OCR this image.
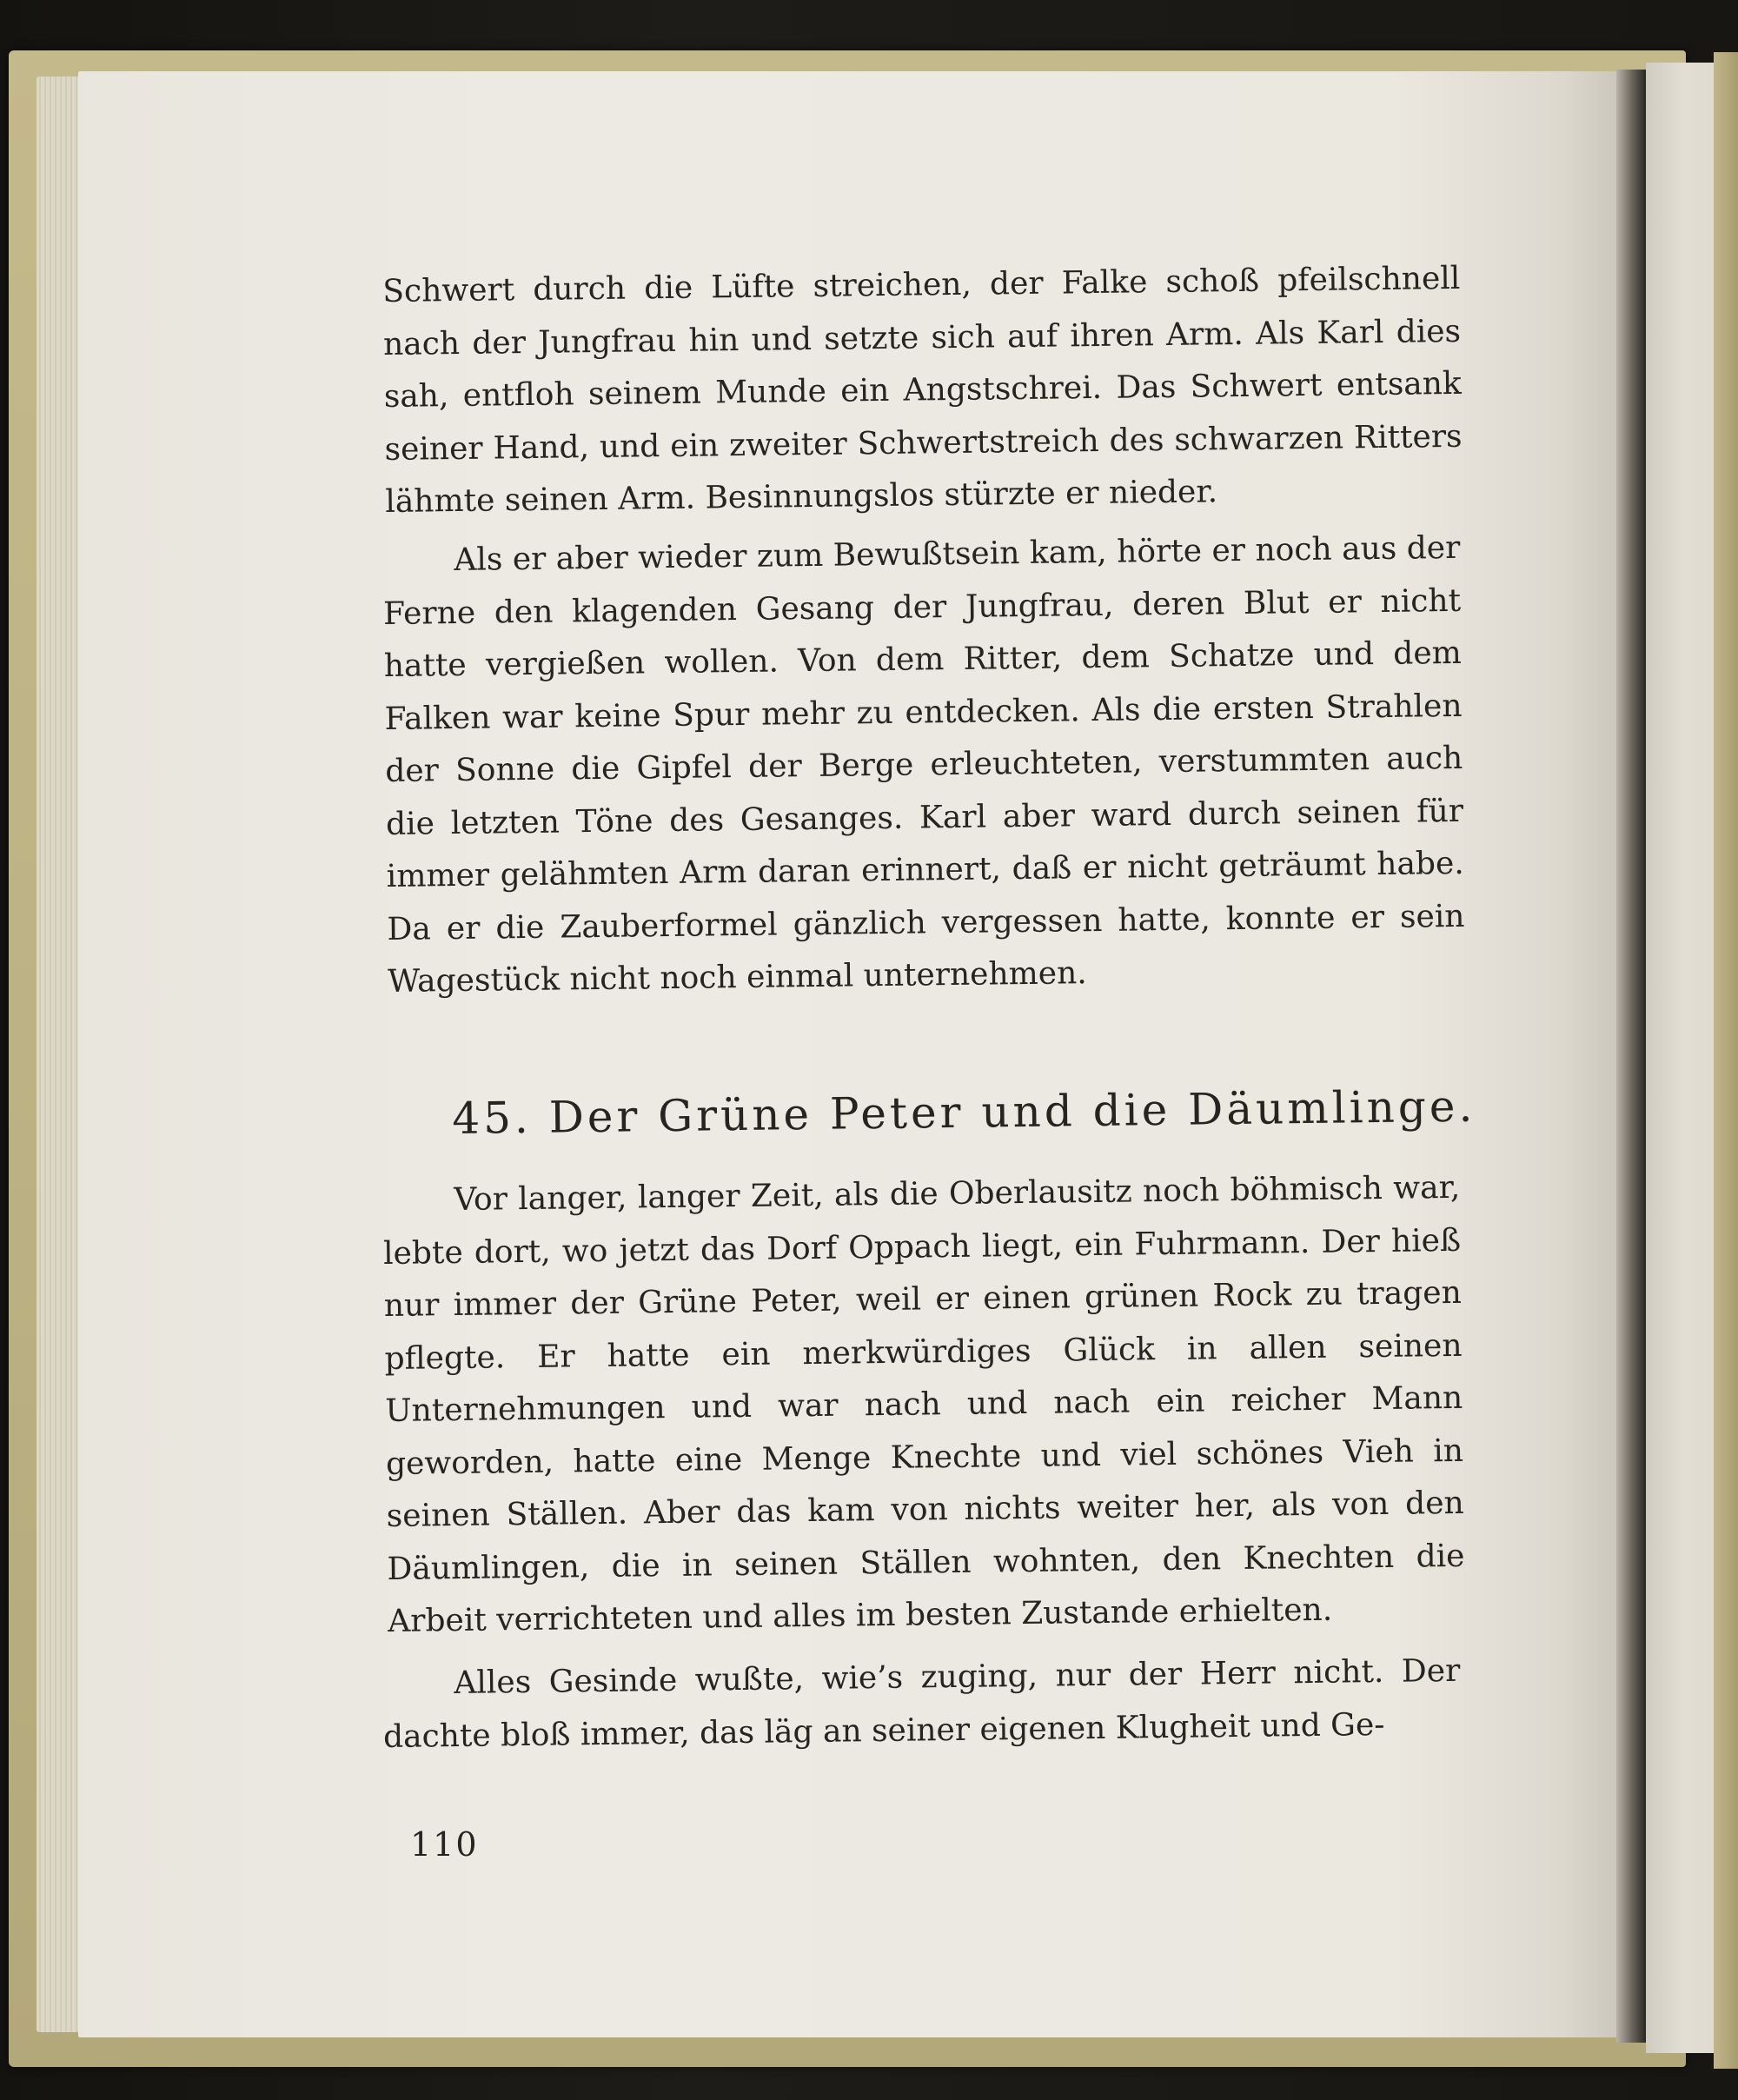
Schwert durch die Lüfte streichen, der Falke schoß pfeilschnell nach der Jungfrau hin und setzte sich auf ihren Arm. Als Karl dies sah, entfloh seinem Munde ein Angstschrei. Das Schwert entsank seiner Hand, und ein zweiter Schwertstreich des schwarzen Ritters lähmte seinen Arm. Besinnungslos stürzte er nieder.

Als er aber wieder zum Bewußtsein kam, hörte er noch aus der Ferne den klagenden Gesang der Jungfrau, deren Blut er nicht hatte vergießen wollen. Von dem Ritter, dem Schatze und dem Falken war keine Spur mehr zu entdecken. Als die ersten Strahlen der Sonne die Gipfel der Berge erleuchteten, verstummten auch die letzten Töne des Gesanges. Karl aber ward durch seinen für immer gelähmten Arm daran erinnert, daß er nicht geträumt habe. Da er die Zauberformel gänzlich vergessen hatte, konnte er sein Wagestück nicht noch einmal unternehmen.

45. Der Grüne Peter und die Däumlinge.

Vor langer, langer Zeit, als die Oberlausitz noch böhmisch war, lebte dort, wo jetzt das Dorf Oppach liegt, ein Fuhrmann. Der hieß nur immer der Grüne Peter, weil er einen grünen Rock zu tragen pflegte. Er hatte ein merkwürdiges Glück in allen seinen Unternehmungen und war nach und nach ein reicher Mann geworden, hatte eine Menge Knechte und viel schönes Vieh in seinen Ställen. Aber das kam von nichts weiter her, als von den Däumlingen, die in seinen Ställen wohnten, den Knechten die Arbeit verrichteten und alles im besten Zustande erhielten.

Alles Gesinde wußte, wie’s zuging, nur der Herr nicht. Der dachte bloß immer, das läg an seiner eigenen Klugheit und Ge-

110
